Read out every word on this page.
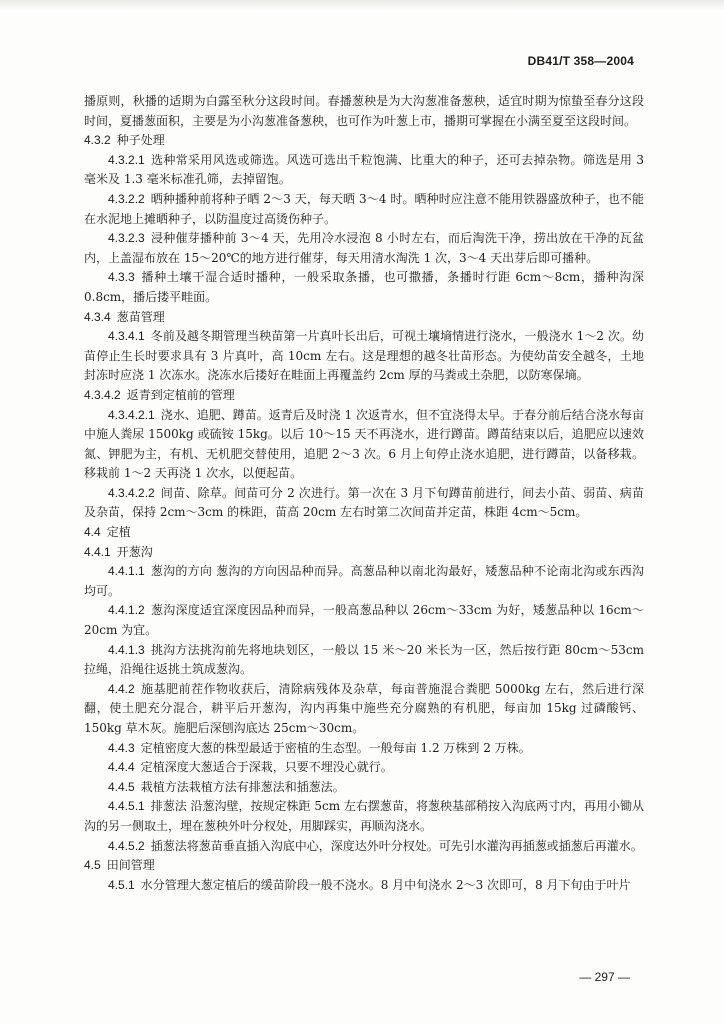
DB41/T 358—2004

播原则，秋播的适期为白露至秋分这段时间。春播葱秧是为大沟葱准备葱秧，适宜时期为惊蛰至春分这段时间，夏播葱面积，主要是为小沟葱准备葱秧，也可作为叶葱上市，播期可掌握在小满至夏至这段时间。

4.3.2 种子处理

4.3.2.1 选种常采用风选或筛选。风选可选出千粒饱满、比重大的种子，还可去掉杂物。筛选是用 3 毫米及 1.3 毫米标准孔筛，去掉留饱。

4.3.2.2 晒种播种前将种子晒 2～3 天，每天晒 3～4 时。晒种时应注意不能用铁器盛放种子，也不能在水泥地上摊晒种子，以防温度过高烫伤种子。

4.3.2.3 浸种催芽播种前 3～4 天，先用冷水浸泡 8 小时左右，而后淘洗干净，捞出放在干净的瓦盆内，上盖湿布放在 15～20℃的地方进行催芽，每天用清水淘洗 1 次，3～4 天出芽后即可播种。

4.3.3 播种土壤干湿合适时播种，一般采取条播，也可撒播，条播时行距 6cm～8cm，播种沟深 0.8cm，播后搂平畦面。

4.3.4 葱苗管理

4.3.4.1 冬前及越冬期管理当秧苗第一片真叶长出后，可视土壤墒情进行浇水，一般浇水 1～2 次。幼苗停止生长时要求具有 3 片真叶，高 10cm 左右。这是理想的越冬壮苗形态。为使幼苗安全越冬，土地封冻时应浇 1 次冻水。浇冻水后搂好在畦面上再覆盖约 2cm 厚的马粪或土杂肥，以防寒保墒。

4.3.4.2 返青到定植前的管理

4.3.4.2.1 浇水、追肥、蹲苗。返青后及时浇 1 次返青水，但不宜浇得太早。于春分前后结合浇水每亩中施人粪尿 1500kg 或硫铵 15kg。以后 10～15 天不再浇水，进行蹲苗。蹲苗结束以后，追肥应以速效氮、钾肥为主，有机、无机肥交替使用，追肥 2～3 次。6 月上旬停止浇水追肥，进行蹲苗，以备移栽。移栽前 1～2 天再浇 1 次水，以便起苗。

4.3.4.2.2 间苗、除草。间苗可分 2 次进行。第一次在 3 月下旬蹲苗前进行，间去小苗、弱苗、病苗及杂苗，保持 2cm～3cm 的株距，苗高 20cm 左右时第二次间苗并定苗，株距 4cm～5cm。

4.4 定植

4.4.1 开葱沟

4.4.1.1 葱沟的方向 葱沟的方向因品种而异。高葱品种以南北沟最好，矮葱品种不论南北沟或东西沟均可。

4.4.1.2 葱沟深度适宜深度因品种而异，一般高葱品种以 26cm～33cm 为好，矮葱品种以 16cm～20cm 为宜。

4.4.1.3 挑沟方法挑沟前先将地块划区，一般以 15 米～20 米长为一区，然后按行距 80cm～53cm 拉绳，沿绳往返挑土筑成葱沟。

4.4.2 施基肥前茬作物收获后，清除病残体及杂草，每亩普施混合粪肥 5000kg 左右，然后进行深翻，使土肥充分混合，耕平后开葱沟，沟内再集中施些充分腐熟的有机肥，每亩加 15kg 过磷酸钙、150kg 草木灰。施肥后深刨沟底达 25cm～30cm。

4.4.3 定植密度大葱的株型最适于密植的生态型。一般每亩 1.2 万株到 2 万株。

4.4.4 定植深度大葱适合于深栽，只要不埋没心就行。

4.4.5 栽植方法栽植方法有排葱法和插葱法。

4.4.5.1 排葱法 沿葱沟壁，按规定株距 5cm 左右摆葱苗，将葱秧基部稍按入沟底两寸内，再用小锄从沟的另一侧取土，埋在葱秧外叶分杈处，用脚踩实，再顺沟浇水。

4.4.5.2 插葱法将葱苗垂直插入沟底中心，深度达外叶分杈处。可先引水灌沟再插葱或插葱后再灌水。

4.5 田间管理

4.5.1 水分管理大葱定植后的缓苗阶段一般不浇水。8 月中旬浇水 2～3 次即可，8 月下旬由于叶片

— 297 —
